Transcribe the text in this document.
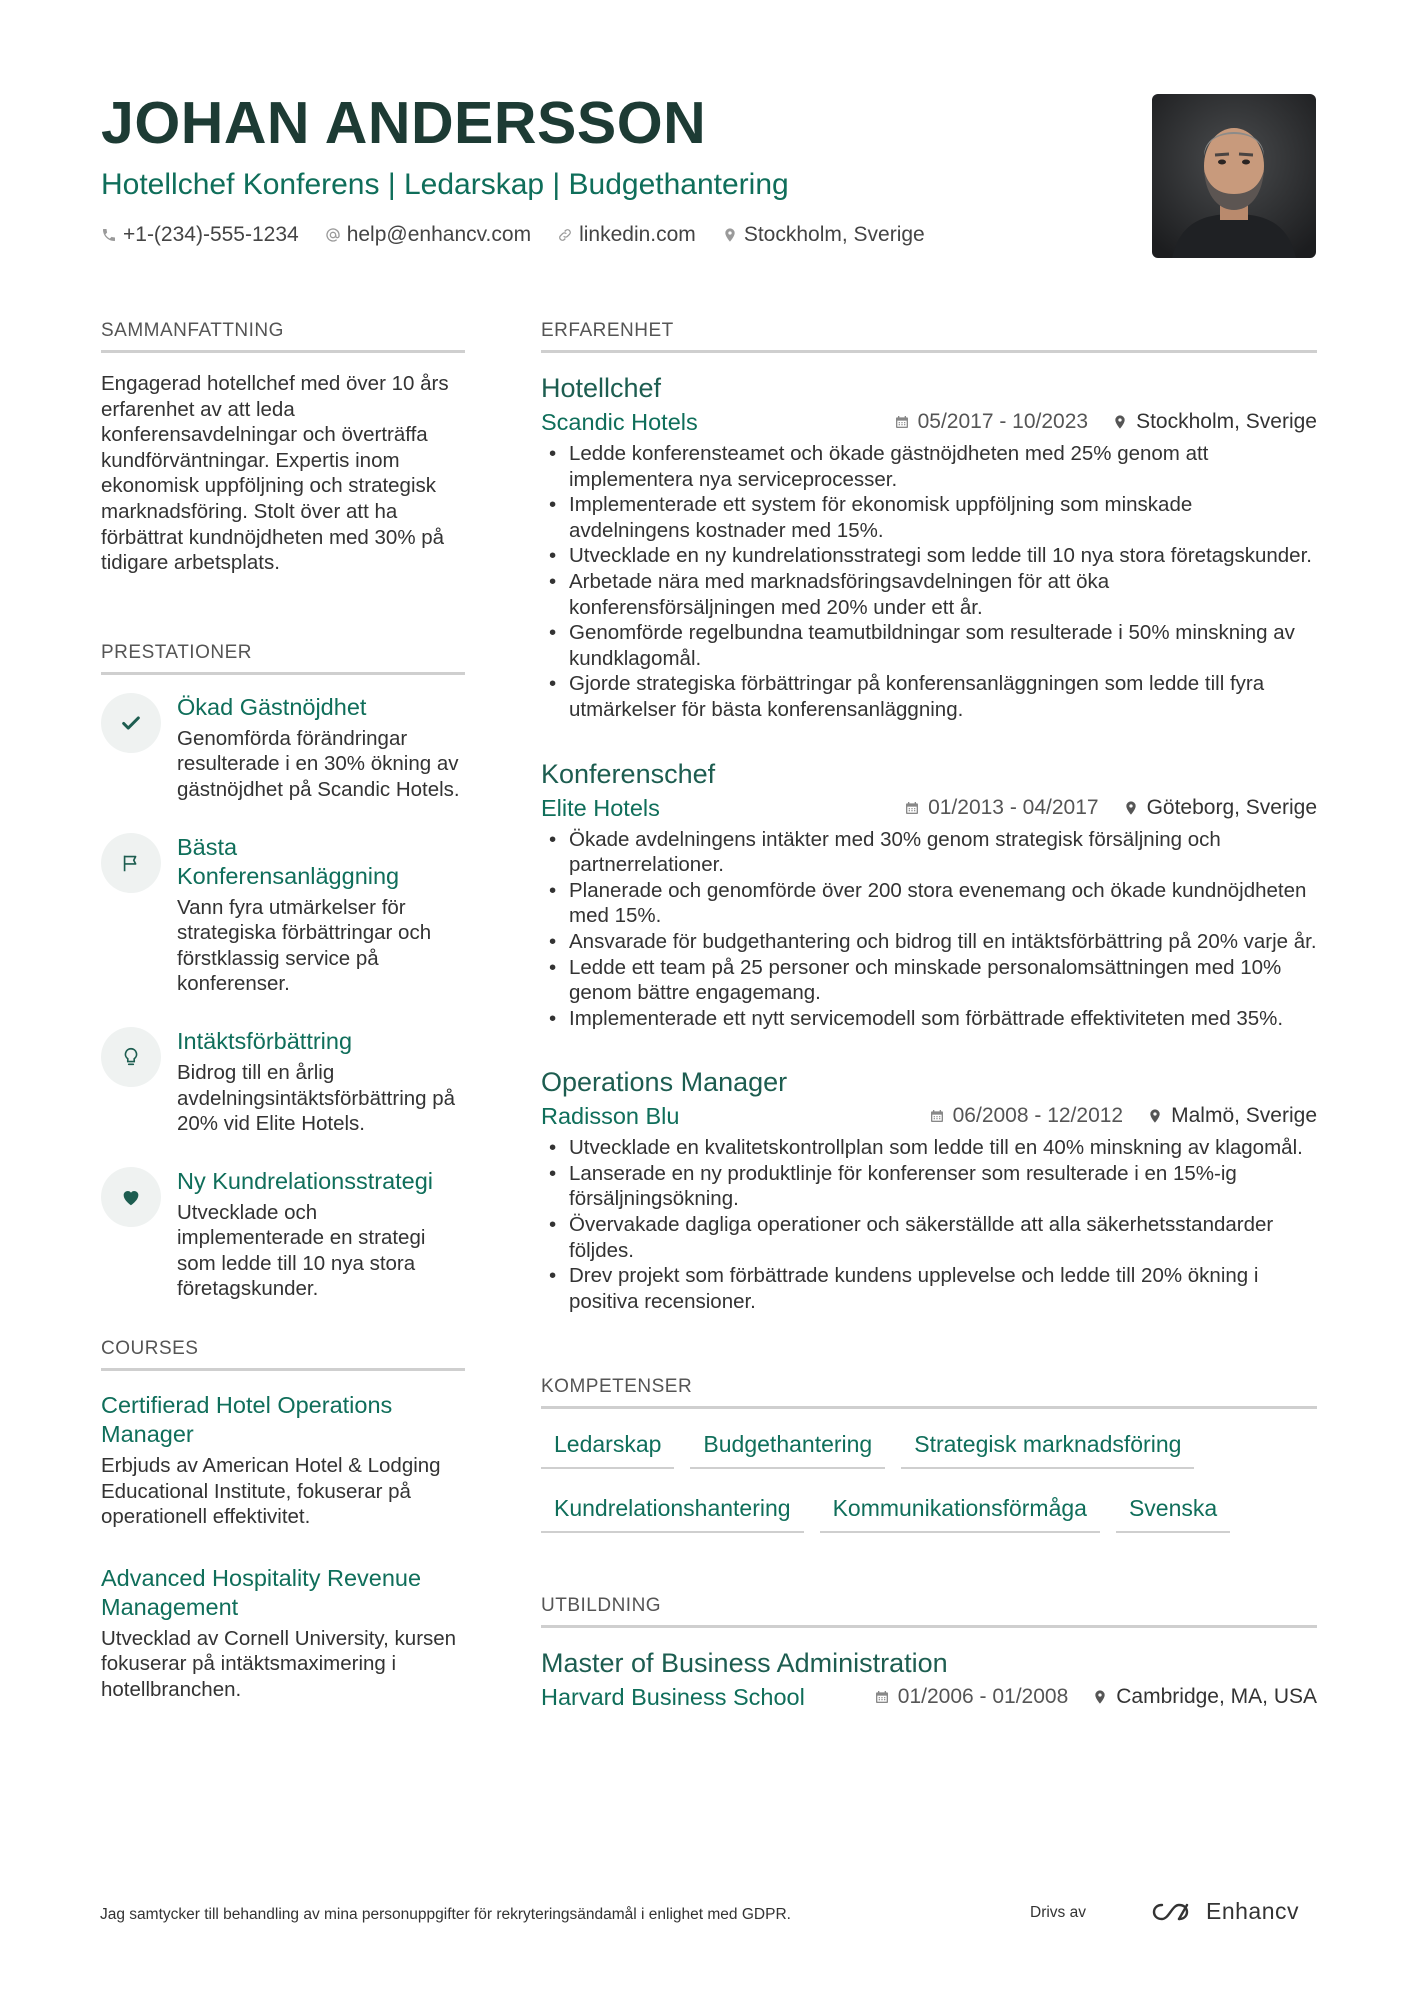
JOHAN ANDERSSON
Hotellchef Konferens | Ledarskap | Budgethantering
+1-(234)-555-1234 help@enhancv.com linkedin.com Stockholm, Sverige
SAMMANFATTNING
Engagerad hotellchef med över 10 års erfarenhet av att leda konferensavdelningar och överträffa kundförväntningar. Expertis inom ekonomisk uppföljning och strategisk marknadsföring. Stolt över att ha förbättrat kundnöjdheten med 30% på tidigare arbetsplats.
PRESTATIONER
Ökad Gästnöjdhet
Genomförda förändringar resulterade i en 30% ökning av gästnöjdhet på Scandic Hotels.
Bästa Konferensanläggning
Vann fyra utmärkelser för strategiska förbättringar och förstklassig service på konferenser.
Intäktsförbättring
Bidrog till en årlig avdelningsintäktsförbättring på 20% vid Elite Hotels.
Ny Kundrelationsstrategi
Utvecklade och implementerade en strategi som ledde till 10 nya stora företagskunder.
COURSES
Certifierad Hotel Operations Manager
Erbjuds av American Hotel & Lodging Educational Institute, fokuserar på operationell effektivitet.
Advanced Hospitality Revenue Management
Utvecklad av Cornell University, kursen fokuserar på intäktsmaximering i hotellbranchen.
ERFARENHET
Hotellchef
Scandic Hotels	05/2017 - 10/2023 Stockholm, Sverige
• Ledde konferensteamet och ökade gästnöjdheten med 25% genom att implementera nya serviceprocesser.
• Implementerade ett system för ekonomisk uppföljning som minskade avdelningens kostnader med 15%.
• Utvecklade en ny kundrelationsstrategi som ledde till 10 nya stora företagskunder.
• Arbetade nära med marknadsföringsavdelningen för att öka konferensförsäljningen med 20% under ett år.
• Genomförde regelbundna teamutbildningar som resulterade i 50% minskning av kundklagomål.
• Gjorde strategiska förbättringar på konferensanläggningen som ledde till fyra utmärkelser för bästa konferensanläggning.
Konferenschef
Elite Hotels	01/2013 - 04/2017 Göteborg, Sverige
• Ökade avdelningens intäkter med 30% genom strategisk försäljning och partnerrelationer.
• Planerade och genomförde över 200 stora evenemang och ökade kundnöjdheten med 15%.
• Ansvarade för budgethantering och bidrog till en intäktsförbättring på 20% varje år.
• Ledde ett team på 25 personer och minskade personalomsättningen med 10% genom bättre engagemang.
• Implementerade ett nytt servicemodell som förbättrade effektiviteten med 35%.
Operations Manager
Radisson Blu	06/2008 - 12/2012 Malmö, Sverige
• Utvecklade en kvalitetskontrollplan som ledde till en 40% minskning av klagomål.
• Lanserade en ny produktlinje för konferenser som resulterade i en 15%-ig försäljningsökning.
• Övervakade dagliga operationer och säkerställde att alla säkerhetsstandarder följdes.
• Drev projekt som förbättrade kundens upplevelse och ledde till 20% ökning i positiva recensioner.
KOMPETENSER
Ledarskap	Budgethantering	Strategisk marknadsföring
Kundrelationshantering	Kommunikationsförmåga	Svenska
UTBILDNING
Master of Business Administration
Harvard Business School	01/2006 - 01/2008 Cambridge, MA, USA
Jag samtycker till behandling av mina personuppgifter för rekryteringsändamål i enlighet med GDPR.	Drivs av	Enhancv
